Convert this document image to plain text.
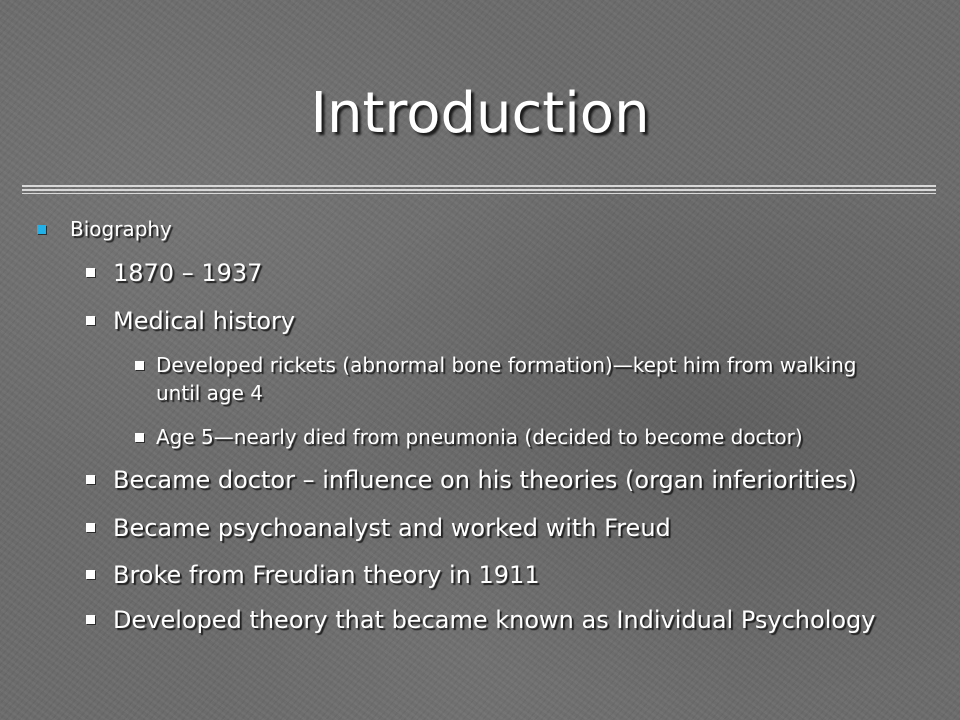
Introduction
Biography
1870 – 1937
Medical history
Developed rickets (abnormal bone formation)—kept him from walking until age 4
Age 5—nearly died from pneumonia (decided to become doctor)
Became doctor – influence on his theories (organ inferiorities)
Became psychoanalyst and worked with Freud
Broke from Freudian theory in 1911
Developed theory that became known as Individual Psychology
